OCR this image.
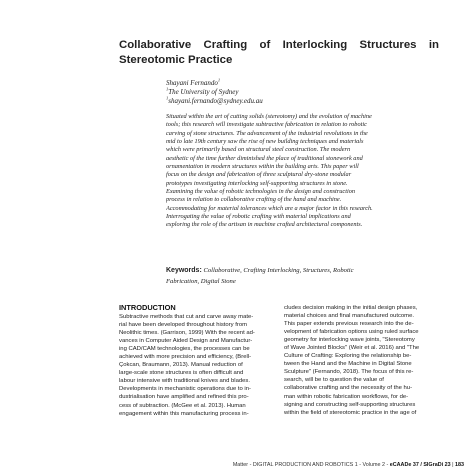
Collaborative Crafting of Interlocking Structures in Stereotomic Practice
Shayani Fernando$^1$
$^1$The University of Sydney
$^1$shayani.fernando@sydney.edu.au
Situated within the art of cutting solids (stereotomy) and the evolution of machine
tools; this research will investigate subtractive fabrication in relation to robotic
carving of stone structures. The advancement of the industrial revolutions in the
mid to late 19th century saw the rise of new building techniques and materials
which were primarily based on structural steel construction. The modern
aesthetic of the time further diminished the place of traditional stonework and
ornamentation in modern structures within the building arts. This paper will
focus on the design and fabrication of three sculptural dry-stone modular
prototypes investigating interlocking self-supporting structures in stone.
Examining the value of robotic technologies in the design and construction
process in relation to collaborative crafting of the hand and machine.
Accommodating for material tolerances which are a major factor in this research.
Interrogating the value of robotic crafting with material implications and
exploring the role of the artisan in machine crafted architectural components.
Keywords: Collaborative, Crafting Interlocking, Structures, Robotic
Fabrication, Digital Stone
INTRODUCTION
Subtractive methods that cut and carve away mate-
rial have been developed throughout history from
Neolithic times. (Garrison, 1999) With the recent ad-
vances in Computer Aided Design and Manufactur-
ing CAD/CAM technologies, the processes can be
achieved with more precision and efficiency, (Brell-
Çokcan, Braumann, 2013). Manual reduction of
large-scale stone structures is often difficult and
labour intensive with traditional knives and blades.
Developments in mechanistic operations due to in-
dustrialisation have amplified and refined this pro-
cess of subtraction. (McGee et al. 2013). Human
engagement within this manufacturing process in-
cludes decision making in the initial design phases,
material choices and final manufactured outcome.
This paper extends previous research into the de-
velopment of fabrication options using ruled surface
geometry for interlocking wave joints, "Stereotomy
of Wave Jointed Blocks" (Weir et al. 2016) and "The
Culture of Crafting: Exploring the relationship be-
tween the Hand and the Machine in Digital Stone
Sculpture" (Fernando, 2018). The focus of this re-
search, will be to question the value of
collaborative crafting and the necessity of the hu-
man within robotic fabrication workflows, for de-
signing and constructing self-supporting structures
within the field of stereotomic practice in the age of
Matter - DIGITAL PRODUCTION AND ROBOTICS 1 - Volume 2 - eCAADe 37 / SIGraDi 23 | 183
